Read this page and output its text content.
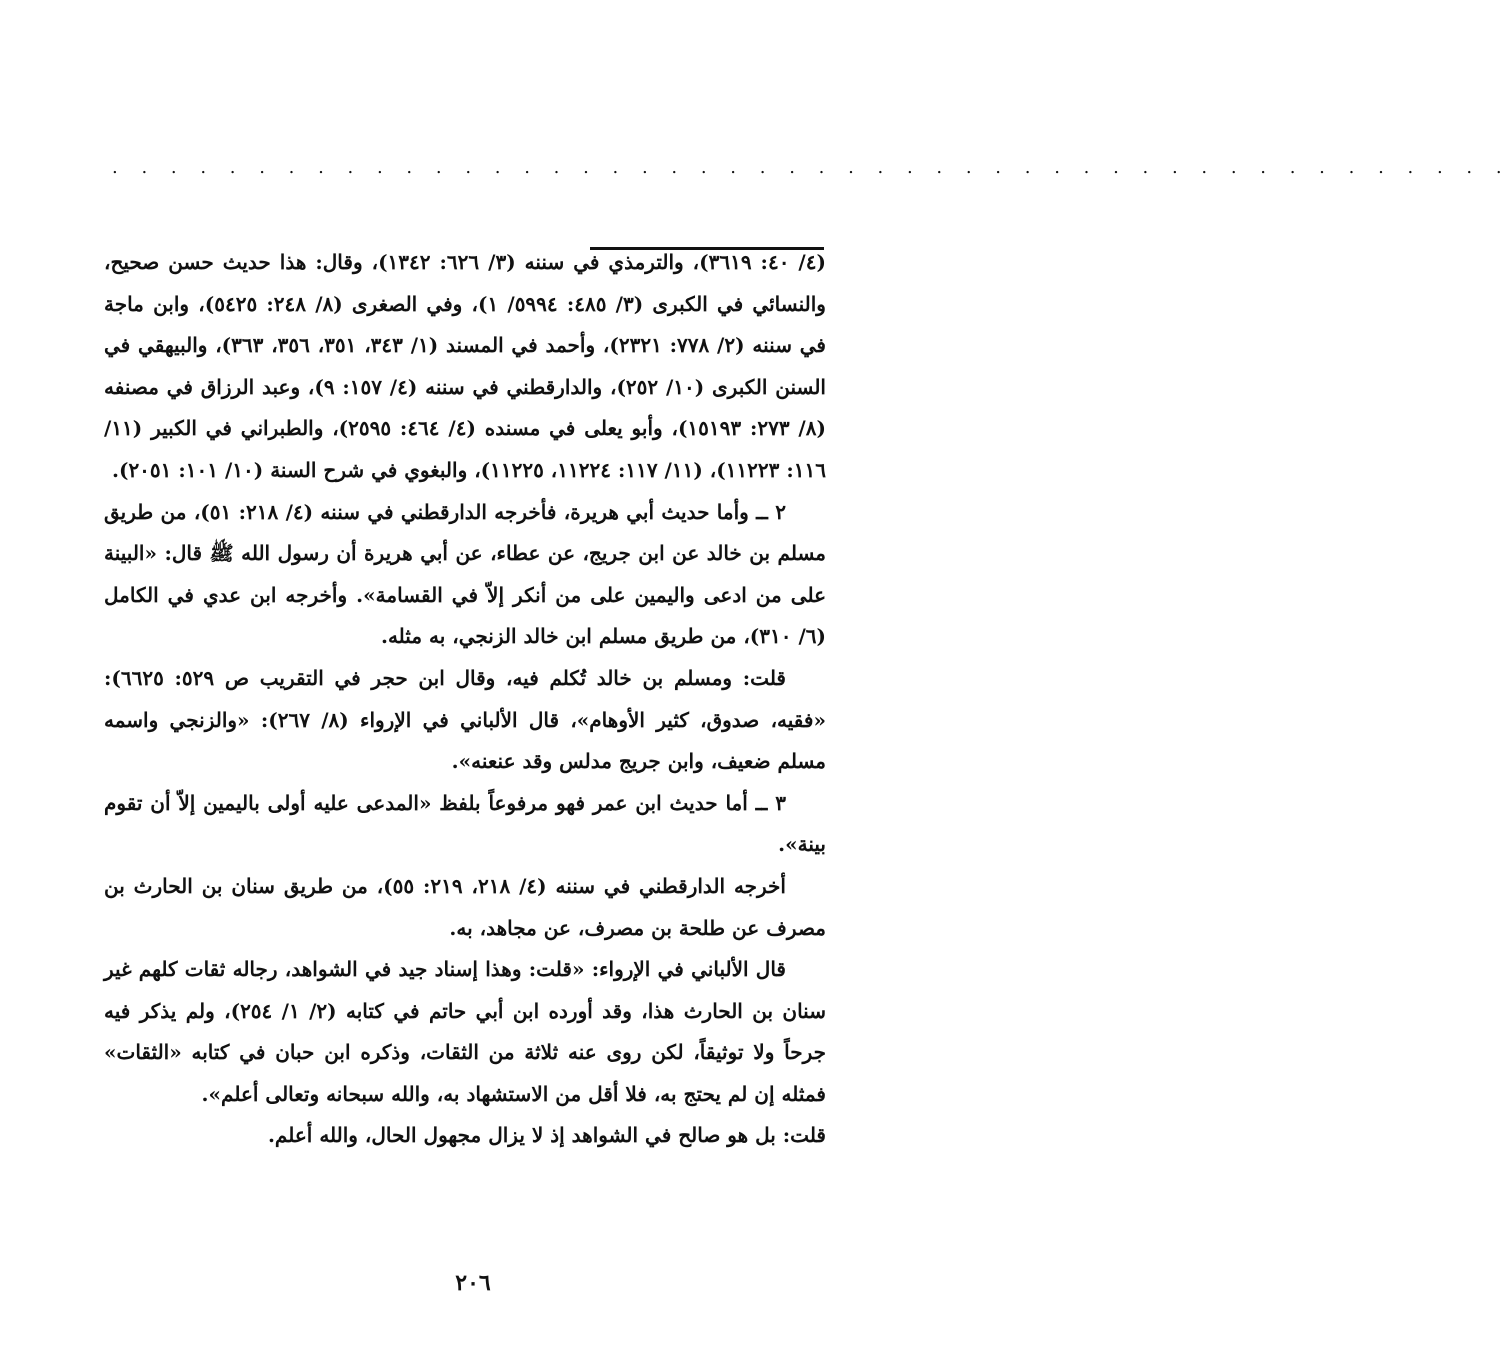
. . . . . . . . . . . . . . . . . . . . . . . . . . . . . . . . . . . . . . . . . . . . . . . .

(٤/ ٤٠: ٣٦١٩)، والترمذي في سننه (٣/ ٦٢٦: ١٣٤٢)، وقال: هذا حديث حسن صحيح، والنسائي في الكبرى (٣/ ٤٨٥: ٥٩٩٤/ ١)، وفي الصغرى (٨/ ٢٤٨: ٥٤٢٥)، وابن ماجة في سننه (٢/ ٧٧٨: ٢٣٢١)، وأحمد في المسند (١/ ٣٤٣، ٣٥١، ٣٥٦، ٣٦٣)، والبيهقي في السنن الكبرى (١٠/ ٢٥٢)، والدارقطني في سننه (٤/ ١٥٧: ٩)، وعبد الرزاق في مصنفه (٨/ ٢٧٣: ١٥١٩٣)، وأبو يعلى في مسنده (٤/ ٤٦٤: ٢٥٩٥)، والطبراني في الكبير (١١/ ١١٦: ١١٢٢٣)، (١١/ ١١٧: ١١٢٢٤، ١١٢٢٥)، والبغوي في شرح السنة (١٠/ ١٠١: ٢٠٥١).

٢ ــ وأما حديث أبي هريرة، فأخرجه الدارقطني في سننه (٤/ ٢١٨: ٥١)، من طريق مسلم بن خالد عن ابن جريج، عن عطاء، عن أبي هريرة أن رسول الله ﷺ قال: «البينة على من ادعى واليمين على من أنكر إلاّ في القسامة». وأخرجه ابن عدي في الكامل (٦/ ٣١٠)، من طريق مسلم ابن خالد الزنجي، به مثله.

قلت: ومسلم بن خالد تُكلم فيه، وقال ابن حجر في التقريب ص ٥٢٩: ٦٦٢٥): «فقيه، صدوق، كثير الأوهام»، قال الألباني في الإرواء (٨/ ٢٦٧): «والزنجي واسمه مسلم ضعيف، وابن جريج مدلس وقد عنعنه».

٣ ــ أما حديث ابن عمر فهو مرفوعاً بلفظ «المدعى عليه أولى باليمين إلاّ أن تقوم بينة».

أخرجه الدارقطني في سننه (٤/ ٢١٨، ٢١٩: ٥٥)، من طريق سنان بن الحارث بن مصرف عن طلحة بن مصرف، عن مجاهد، به.

قال الألباني في الإرواء: «قلت: وهذا إسناد جيد في الشواهد، رجاله ثقات كلهم غير سنان بن الحارث هذا، وقد أورده ابن أبي حاتم في كتابه (٢/ ١/ ٢٥٤)، ولم يذكر فيه جرحاً ولا توثيقاً، لكن روى عنه ثلاثة من الثقات، وذكره ابن حبان في كتابه «الثقات» فمثله إن لم يحتج به، فلا أقل من الاستشهاد به، والله سبحانه وتعالى أعلم».

قلت: بل هو صالح في الشواهد إذ لا يزال مجهول الحال، والله أعلم.

٢٠٦
